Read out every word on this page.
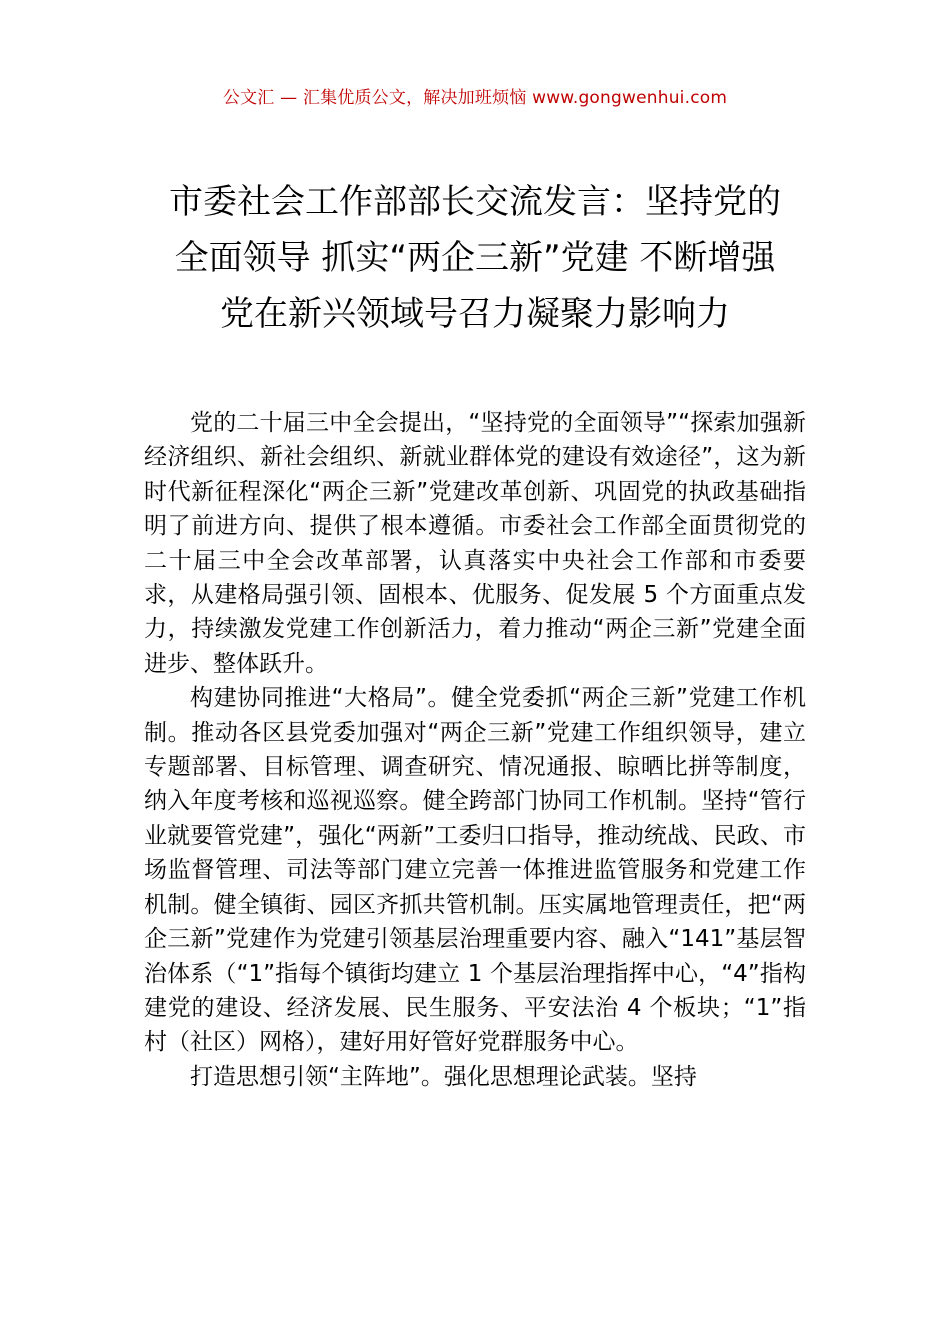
公文汇 — 汇集优质公文，解决加班烦恼 www.gongwenhui.com
市委社会工作部部长交流发言：坚持党的
全面领导 抓实“两企三新”党建 不断增强
党在新兴领域号召力凝聚力影响力

党的二十届三中全会提出，“坚持党的全面领导”“探索加强新经济组织、新社会组织、新就业群体党的建设有效途径”，这为新时代新征程深化“两企三新”党建改革创新、巩固党的执政基础指明了前进方向、提供了根本遵循。市委社会工作部全面贯彻党的二十届三中全会改革部署，认真落实中央社会工作部和市委要求，从建格局强引领、固根本、优服务、促发展 5 个方面重点发力，持续激发党建工作创新活力，着力推动“两企三新”党建全面进步、整体跃升。

构建协同推进“大格局”。健全党委抓“两企三新”党建工作机制。推动各区县党委加强对“两企三新”党建工作组织领导，建立专题部署、目标管理、调查研究、情况通报、晾晒比拼等制度，纳入年度考核和巡视巡察。健全跨部门协同工作机制。坚持“管行业就要管党建”，强化“两新”工委归口指导，推动统战、民政、市场监督管理、司法等部门建立完善一体推进监管服务和党建工作机制。健全镇街、园区齐抓共管机制。压实属地管理责任，把“两企三新”党建作为党建引领基层治理重要内容、融入“141”基层智治体系（“1”指每个镇街均建立 1 个基层治理指挥中心，“4”指构建党的建设、经济发展、民生服务、平安法治 4 个板块；“1”指村（社区）网格），建好用好管好党群服务中心。

打造思想引领“主阵地”。强化思想理论武装。坚持
